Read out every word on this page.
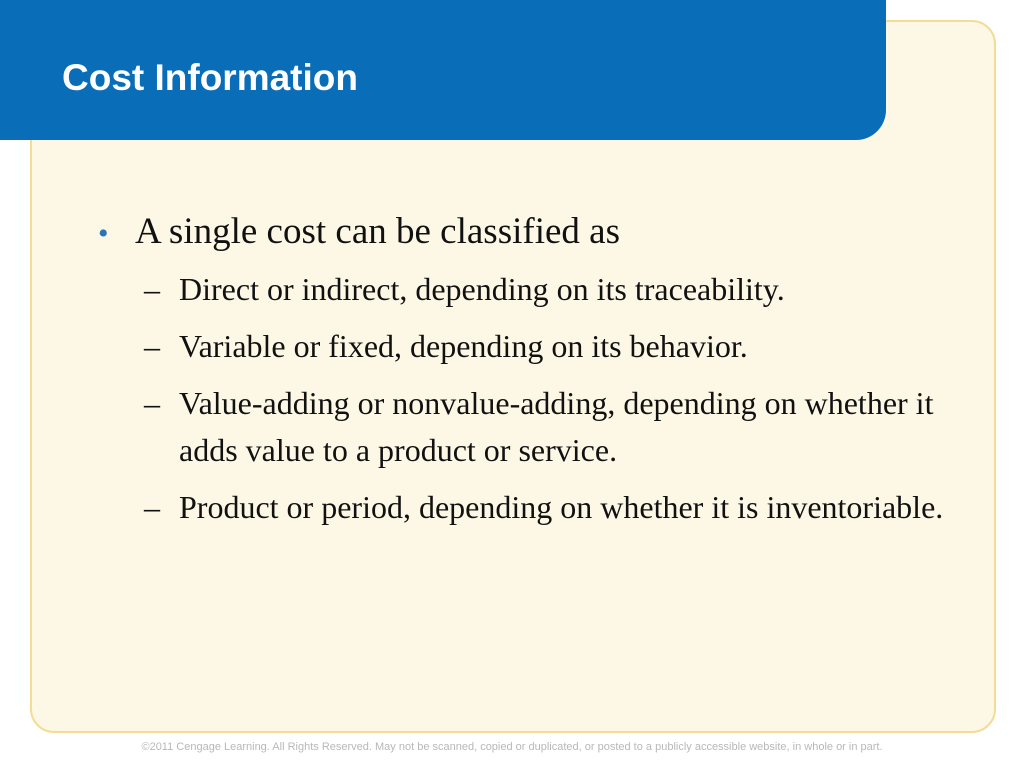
Cost Information
• A single cost can be classified as
– Direct or indirect, depending on its traceability.
– Variable or fixed, depending on its behavior.
– Value-adding or nonvalue-adding, depending on whether it adds value to a product or service.
– Product or period, depending on whether it is inventoriable.
©2011 Cengage Learning. All Rights Reserved. May not be scanned, copied or duplicated, or posted to a publicly accessible website, in whole or in part.
